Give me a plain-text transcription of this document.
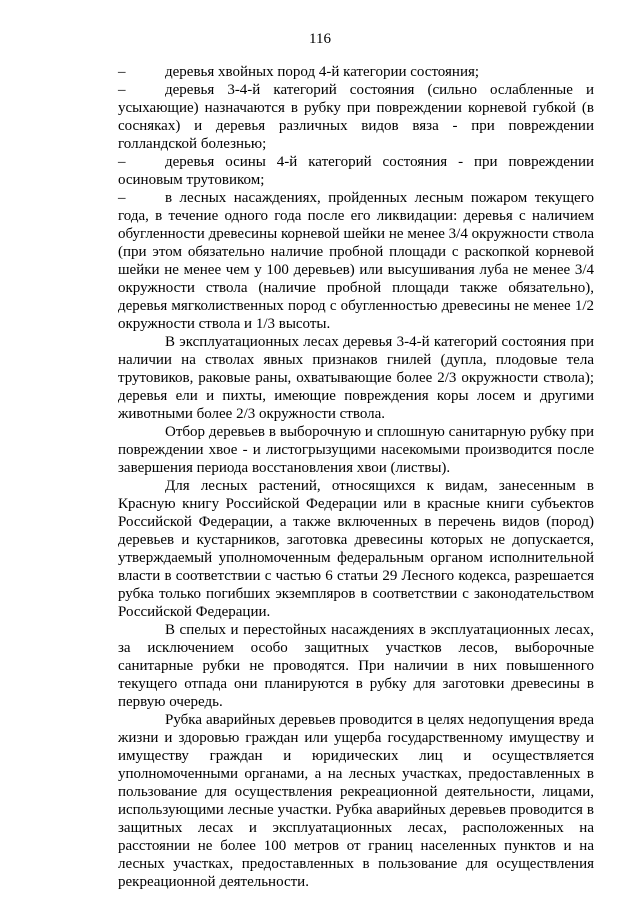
116

–	деревья хвойных пород 4-й категории состояния;

–	деревья 3-4-й категорий состояния (сильно ослабленные и усыхающие) назначаются в рубку при повреждении корневой губкой (в сосняках) и деревья различных видов вяза - при повреждении голландской болезнью;

–	деревья осины 4-й категорий состояния - при повреждении осиновым трутовиком;

–	в лесных насаждениях, пройденных лесным пожаром текущего года, в течение одного года после его ликвидации: деревья с наличием обугленности древесины корневой шейки не менее 3/4 окружности ствола (при этом обязательно наличие пробной площади с раскопкой корневой шейки не менее чем у 100 деревьев) или высушивания луба не менее 3/4 окружности ствола (наличие пробной площади также обязательно), деревья мягколиственных пород с обугленностью древесины не менее 1/2 окружности ствола и 1/3 высоты.

В эксплуатационных лесах деревья 3-4-й категорий состояния при наличии на стволах явных признаков гнилей (дупла, плодовые тела трутовиков, раковые раны, охватывающие более 2/3 окружности ствола); деревья ели и пихты, имеющие повреждения коры лосем и другими животными более 2/3 окружности ствола.

Отбор деревьев в выборочную и сплошную санитарную рубку при повреждении хвое - и листогрызущими насекомыми производится после завершения периода восстановления хвои (листвы).

Для лесных растений, относящихся к видам, занесенным в Красную книгу Российской Федерации или в красные книги субъектов Российской Федерации, а также включенных в перечень видов (пород) деревьев и кустарников, заготовка древесины которых не допускается, утверждаемый уполномоченным федеральным органом исполнительной власти в соответствии с частью 6 статьи 29 Лесного кодекса, разрешается рубка только погибших экземпляров в соответствии с законодательством Российской Федерации.

В спелых и перестойных насаждениях в эксплуатационных лесах, за исключением особо защитных участков лесов, выборочные санитарные рубки не проводятся. При наличии в них повышенного текущего отпада они планируются в рубку для заготовки древесины в первую очередь.

Рубка аварийных деревьев проводится в целях недопущения вреда жизни и здоровью граждан или ущерба государственному имуществу и имуществу граждан и юридических лиц и осуществляется уполномоченными органами, а на лесных участках, предоставленных в пользование для осуществления рекреационной деятельности, лицами, использующими лесные участки. Рубка аварийных деревьев проводится в защитных лесах и эксплуатационных лесах, расположенных на расстоянии не более 100 метров от границ населенных пунктов и на лесных участках, предоставленных в пользование для осуществления рекреационной деятельности.
